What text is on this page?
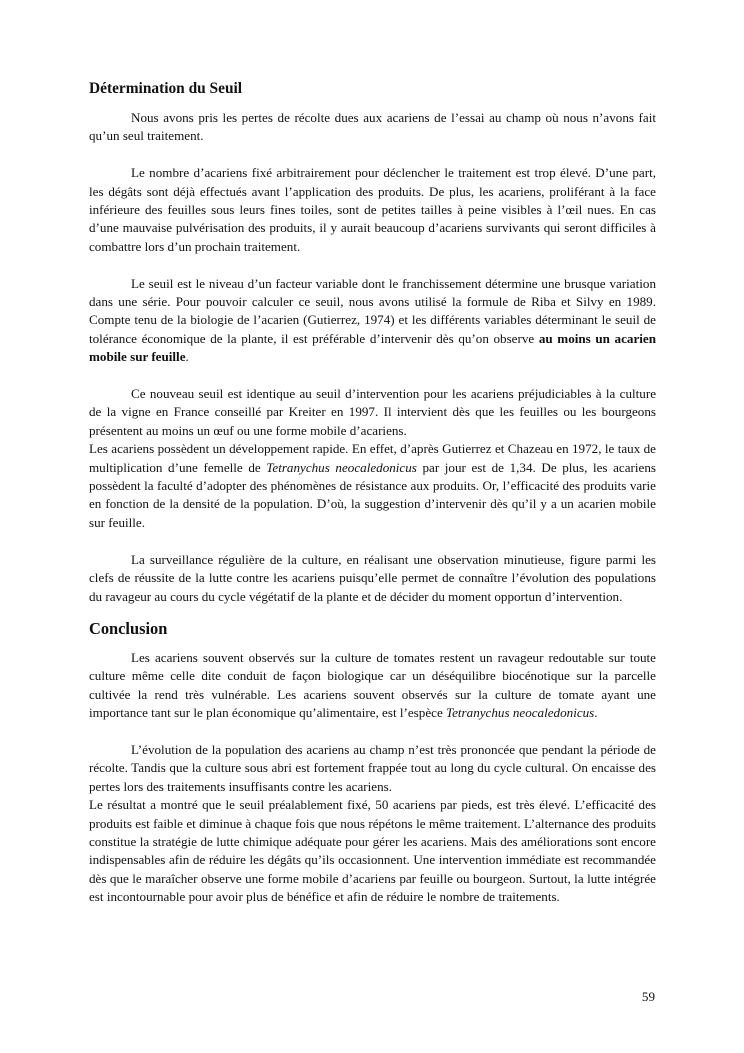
Détermination du Seuil

Nous avons pris les pertes de récolte dues aux acariens de l’essai au champ où nous n’avons fait qu’un seul traitement.

Le nombre d’acariens fixé arbitrairement pour déclencher le traitement est trop élevé. D’une part, les dégâts sont déjà effectués avant l’application des produits. De plus, les acariens, proliférant à la face inférieure des feuilles sous leurs fines toiles, sont de petites tailles à peine visibles à l’œil nues. En cas d’une mauvaise pulvérisation des produits, il y aurait beaucoup d’acariens survivants qui seront difficiles à combattre lors d’un prochain traitement.

Le seuil est le niveau d’un facteur variable dont le franchissement détermine une brusque variation dans une série. Pour pouvoir calculer ce seuil, nous avons utilisé la formule de Riba et Silvy en 1989. Compte tenu de la biologie de l’acarien (Gutierrez, 1974) et les différents variables déterminant le seuil de tolérance économique de la plante, il est préférable d’intervenir dès qu’on observe au moins un acarien mobile sur feuille.

Ce nouveau seuil est identique au seuil d’intervention pour les acariens préjudiciables à la culture de la vigne en France conseillé par Kreiter en 1997. Il intervient dès que les feuilles ou les bourgeons présentent au moins un œuf ou une forme mobile d’acariens.

Les acariens possèdent un développement rapide. En effet, d’après Gutierrez et Chazeau en 1972, le taux de multiplication d’une femelle de Tetranychus neocaledonicus par jour est de 1,34. De plus, les acariens possèdent la faculté d’adopter des phénomènes de résistance aux produits. Or, l’efficacité des produits varie en fonction de la densité de la population. D’où, la suggestion d’intervenir dès qu’il y a un acarien mobile sur feuille.

La surveillance régulière de la culture, en réalisant une observation minutieuse, figure parmi les clefs de réussite de la lutte contre les acariens puisqu’elle permet de connaître l’évolution des populations du ravageur au cours du cycle végétatif de la plante et de décider du moment opportun d’intervention.

Conclusion

Les acariens souvent observés sur la culture de tomates restent un ravageur redoutable sur toute culture même celle dite conduit de façon biologique car un déséquilibre biocénotique sur la parcelle cultivée la rend très vulnérable. Les acariens souvent observés sur la culture de tomate ayant une importance tant sur le plan économique qu’alimentaire, est l’espèce Tetranychus neocaledonicus.

L’évolution de la population des acariens au champ n’est très prononcée que pendant la période de récolte. Tandis que la culture sous abri est fortement frappée tout au long du cycle cultural. On encaisse des pertes lors des traitements insuffisants contre les acariens.

Le résultat a montré que le seuil préalablement fixé, 50 acariens par pieds, est très élevé. L’efficacité des produits est faible et diminue à chaque fois que nous répétons le même traitement. L’alternance des produits constitue la stratégie de lutte chimique adéquate pour gérer les acariens. Mais des améliorations sont encore indispensables afin de réduire les dégâts qu’ils occasionnent. Une intervention immédiate est recommandée dès que le maraîcher observe une forme mobile d’acariens par feuille ou bourgeon. Surtout, la lutte intégrée est incontournable pour avoir plus de bénéfice et afin de réduire le nombre de traitements.

59
